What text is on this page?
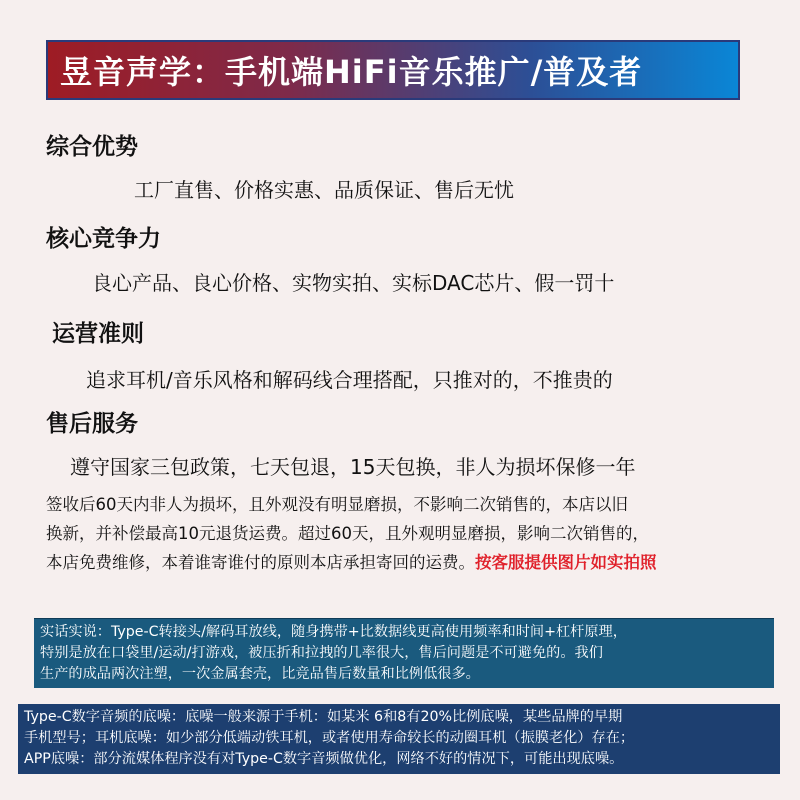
昱音声学：手机端HiFi音乐推广/普及者
综合优势
工厂直售、价格实惠、品质保证、售后无忧
核心竞争力
良心产品、良心价格、实物实拍、实标DAC芯片、假一罚十
运营准则
追求耳机/音乐风格和解码线合理搭配，只推对的，不推贵的
售后服务
遵守国家三包政策，七天包退，15天包换，非人为损坏保修一年
签收后60天内非人为损坏，且外观没有明显磨损，不影响二次销售的，本店以旧
换新，并补偿最高10元退货运费。超过60天，且外观明显磨损，影响二次销售的，
本店免费维修，本着谁寄谁付的原则本店承担寄回的运费。按客服提供图片如实拍照
实话实说：Type-C转接头/解码耳放线，随身携带+比数据线更高使用频率和时间+杠杆原理，
特别是放在口袋里/运动/打游戏，被压折和拉拽的几率很大，售后问题是不可避免的。我们
生产的成品两次注塑，一次金属套壳，比竞品售后数量和比例低很多。
Type-C数字音频的底噪：底噪一般来源于手机：如某米 6和8有20%比例底噪，某些品牌的早期
手机型号；耳机底噪：如少部分低端动铁耳机，或者使用寿命较长的动圈耳机（振膜老化）存在；
APP底噪：部分流媒体程序没有对Type-C数字音频做优化，网络不好的情况下，可能出现底噪。
